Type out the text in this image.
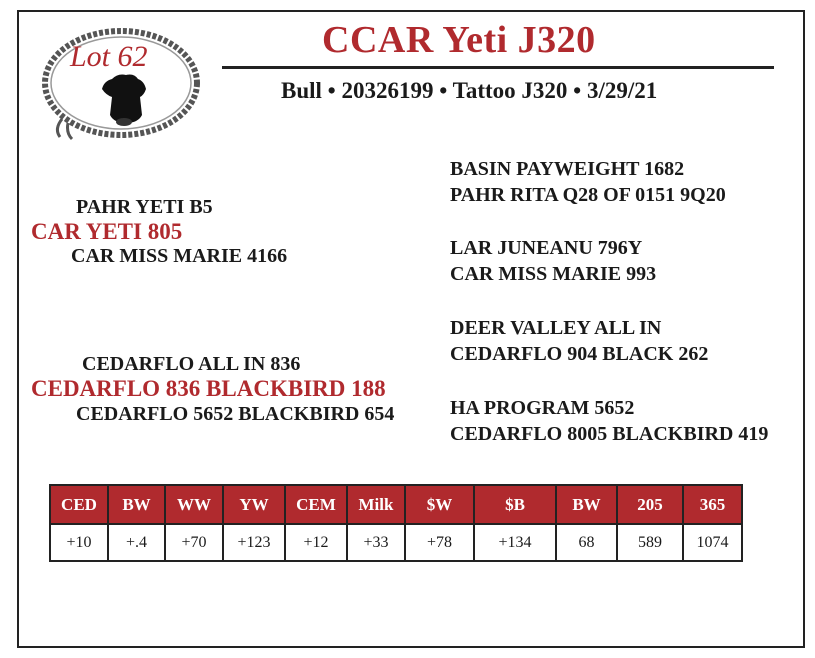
Lot 62	CCAR Yeti J320
Bull • 20326199 • Tattoo J320 • 3/29/21
PAHR YETI B5
CAR YETI 805
CAR MISS MARIE 4166
CEDARFLO ALL IN 836
CEDARFLO 836 BLACKBIRD 188
CEDARFLO 5652 BLACKBIRD 654
BASIN PAYWEIGHT 1682
PAHR RITA Q28 OF 0151 9Q20
LAR JUNEANU 796Y
CAR MISS MARIE 993
DEER VALLEY ALL IN
CEDARFLO 904 BLACK 262
HA PROGRAM 5652
CEDARFLO 8005 BLACKBIRD 419
CED	BW	WW	YW	CEM	Milk	$W	$B	BW	205	365
+10	+.4	+70	+123	+12	+33	+78	+134	68	589	1074
